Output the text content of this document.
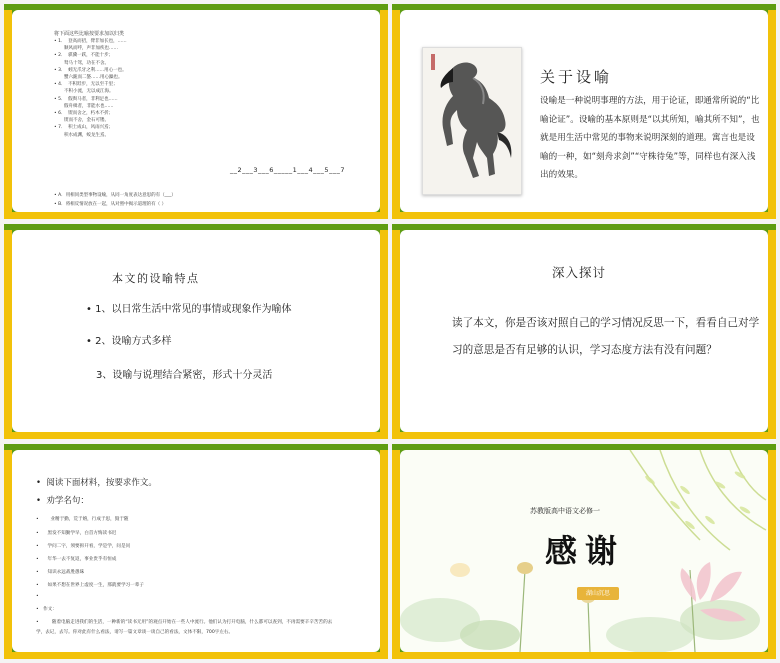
将下面这些比喻按要求加以归类
• 1． 登高而招，臂非加长也，……
顺风而呼，声非加疾也……
• 2． 骐骥一跃，不能十步；
驽马十驾，功在不舍。
• 3． 蚓无爪牙之利……用心一也。
蟹六跪而二螯……用心躁也。
• 4． 不积跬步，无以至千里；
不积小流，无以成江海。
• 5． 假舆马者，非利足也……
假舟楫者，非能水也……
• 6． 锲而舍之，朽木不折；
锲而不舍，金石可镂。
• 7． 积土成山，风雨兴焉；
积水成渊，蛟龙生焉。
__2___3___6_____1___4___5___7
• A．用相同类型事物设喻，从同一角度表达意思的有（___）
• B．将相反情况放在一起，从对照中揭示道理的有（ ）
关于设喻
设喻是一种说明事理的方法，用于论证，即通常所说的“比喻论证”。设喻的基本原则是“以其所知，喻其所不知”，也就是用生活中常见的事物来说明深刻的道理。寓言也是设喻的一种，如“刻舟求剑”“守株待兔”等，同样也有深入浅出的效果。
本文的设喻特点
• 1、以日常生活中常见的事情或现象作为喻体
• 2、设喻方式多样
3、设喻与说理结合紧密，形式十分灵活
深入探讨
读了本文，你是否该对照自己的学习情况反思一下，看看自己对学习的意思是否有足够的认识，学习态度方法有没有问题？
•  阅读下面材料，按要求作文。
•  劝学名句：
•        业精于勤，荒于嬉，行成于思，毁于随
•      黑发不知勤学早，白首方悔读书迟
•      学问二字，须要拆开看，学是学，问是问
•      年华一去不复返，事业贵乎有恒成
•      知识永远战胜愚昧
•      如果不想在世界上虚度一生，那就要学习一辈子
•
•   作文：
•         随着电脑走进我们的生活，一种新的“读书无用”的观点开始在一些人中流行。他们认为打开电脑，什么都可以查到，不再需要辛辛苦苦的去学，去记，去写。你对此有什么看法，请写一篇文章谈一谈自己的看法，文体不限，700字左右。
苏教版高中语文必修一
感谢
湖山沉思
